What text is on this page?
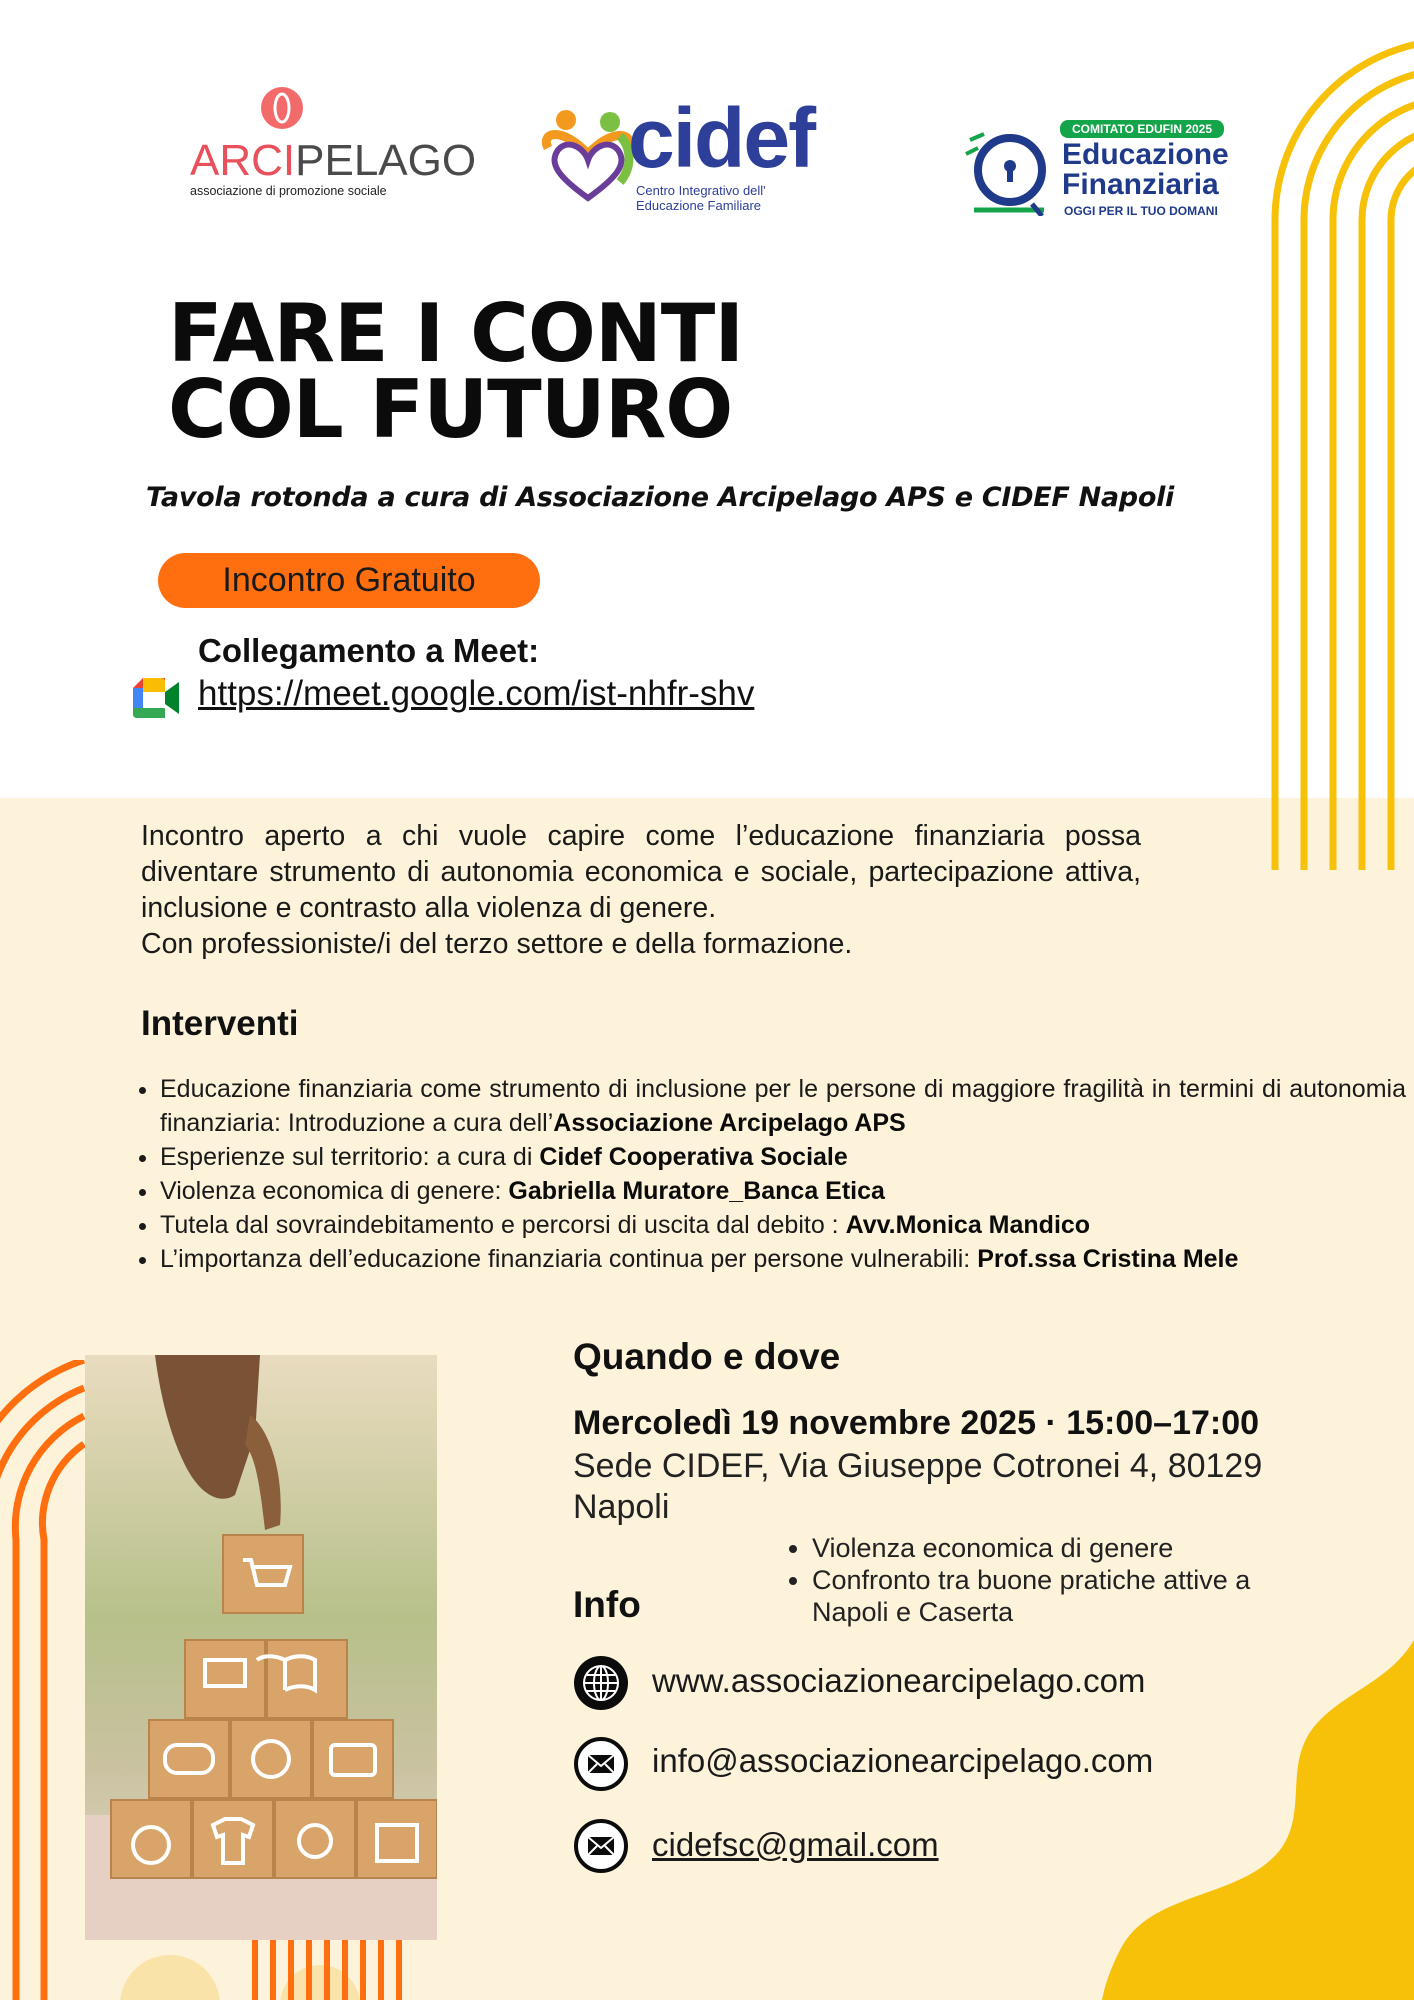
ARCIPELAGO
associazione di promozione sociale
cidef
Centro Integrativo dell'
Educazione Familiare
COMITATO EDUFIN 2025
Educazione
Finanziaria
OGGI PER IL TUO DOMANI
FARE I CONTI
COL FUTURO
Tavola rotonda a cura di Associazione Arcipelago APS e CIDEF Napoli
Incontro Gratuito
Collegamento a Meet:
https://meet.google.com/ist-nhfr-shv
Incontro aperto a chi vuole capire come l’educazione finanziaria possa diventare strumento di autonomia economica e sociale, partecipazione attiva, inclusione e contrasto alla violenza di genere.
Con professioniste/i del terzo settore e della formazione.
Interventi
• Educazione finanziaria come strumento di inclusione per le persone di maggiore fragilità in termini di autonomia finanziaria: Introduzione a cura dell’Associazione Arcipelago APS
• Esperienze sul territorio: a cura di Cidef Cooperativa Sociale
• Violenza economica di genere: Gabriella Muratore_Banca Etica
• Tutela dal sovraindebitamento e percorsi di uscita dal debito : Avv.Monica Mandico
• L’importanza dell’educazione finanziaria continua per persone vulnerabili: Prof.ssa Cristina Mele
Quando e dove
Mercoledì 19 novembre 2025 · 15:00–17:00
Sede CIDEF, Via Giuseppe Cotronei 4, 80129 Napoli
• Violenza economica di genere
• Confronto tra buone pratiche attive a Napoli e Caserta
Info
www.associazionearcipelago.com
info@associazionearcipelago.com
cidefsc@gmail.com
